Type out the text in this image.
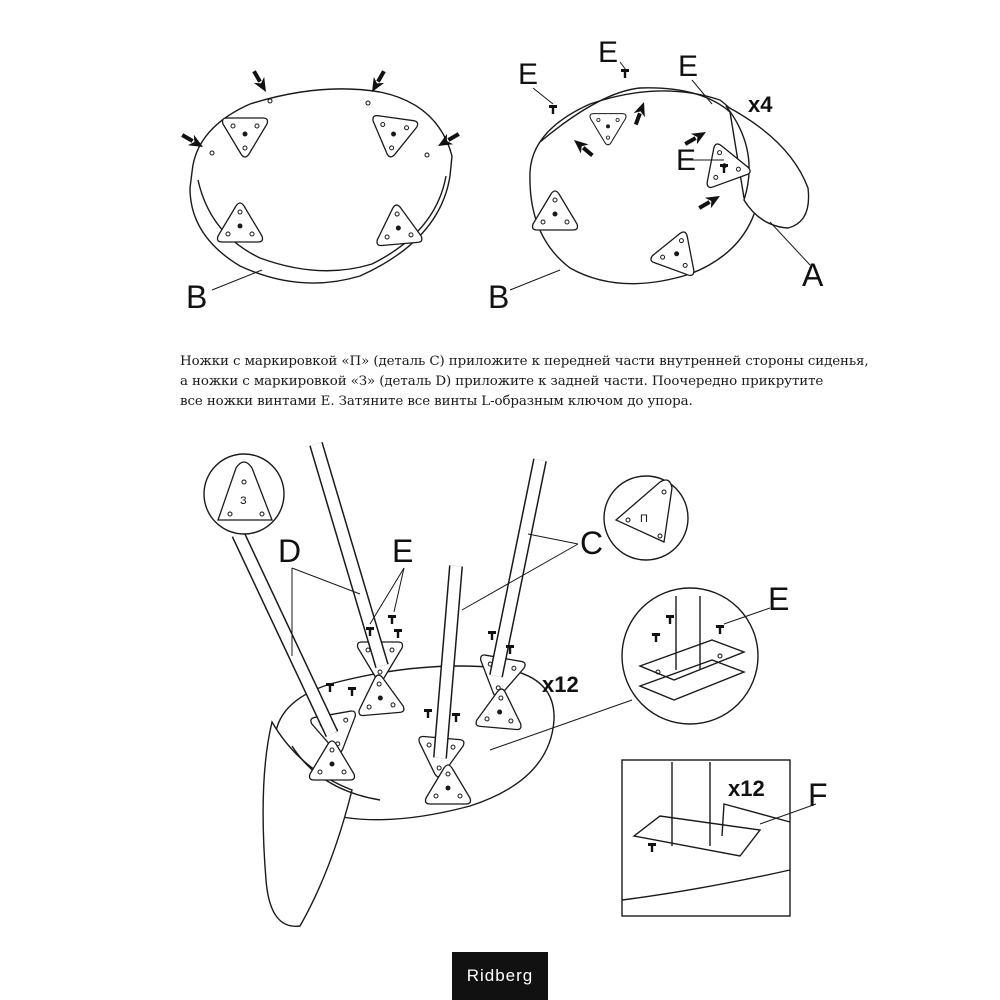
B
E
E E
E
x4
A
B
D	E	C
x12
З
П
E
x12 F

Ножки с маркировкой «П» (деталь C) приложите к передней части внутренней стороны сиденья,

а ножки с маркировкой «З» (деталь D) приложите к задней части. Поочередно прикрутите

все ножки винтами E. Затяните все винты L-образным ключом до упора.

Ridberg
